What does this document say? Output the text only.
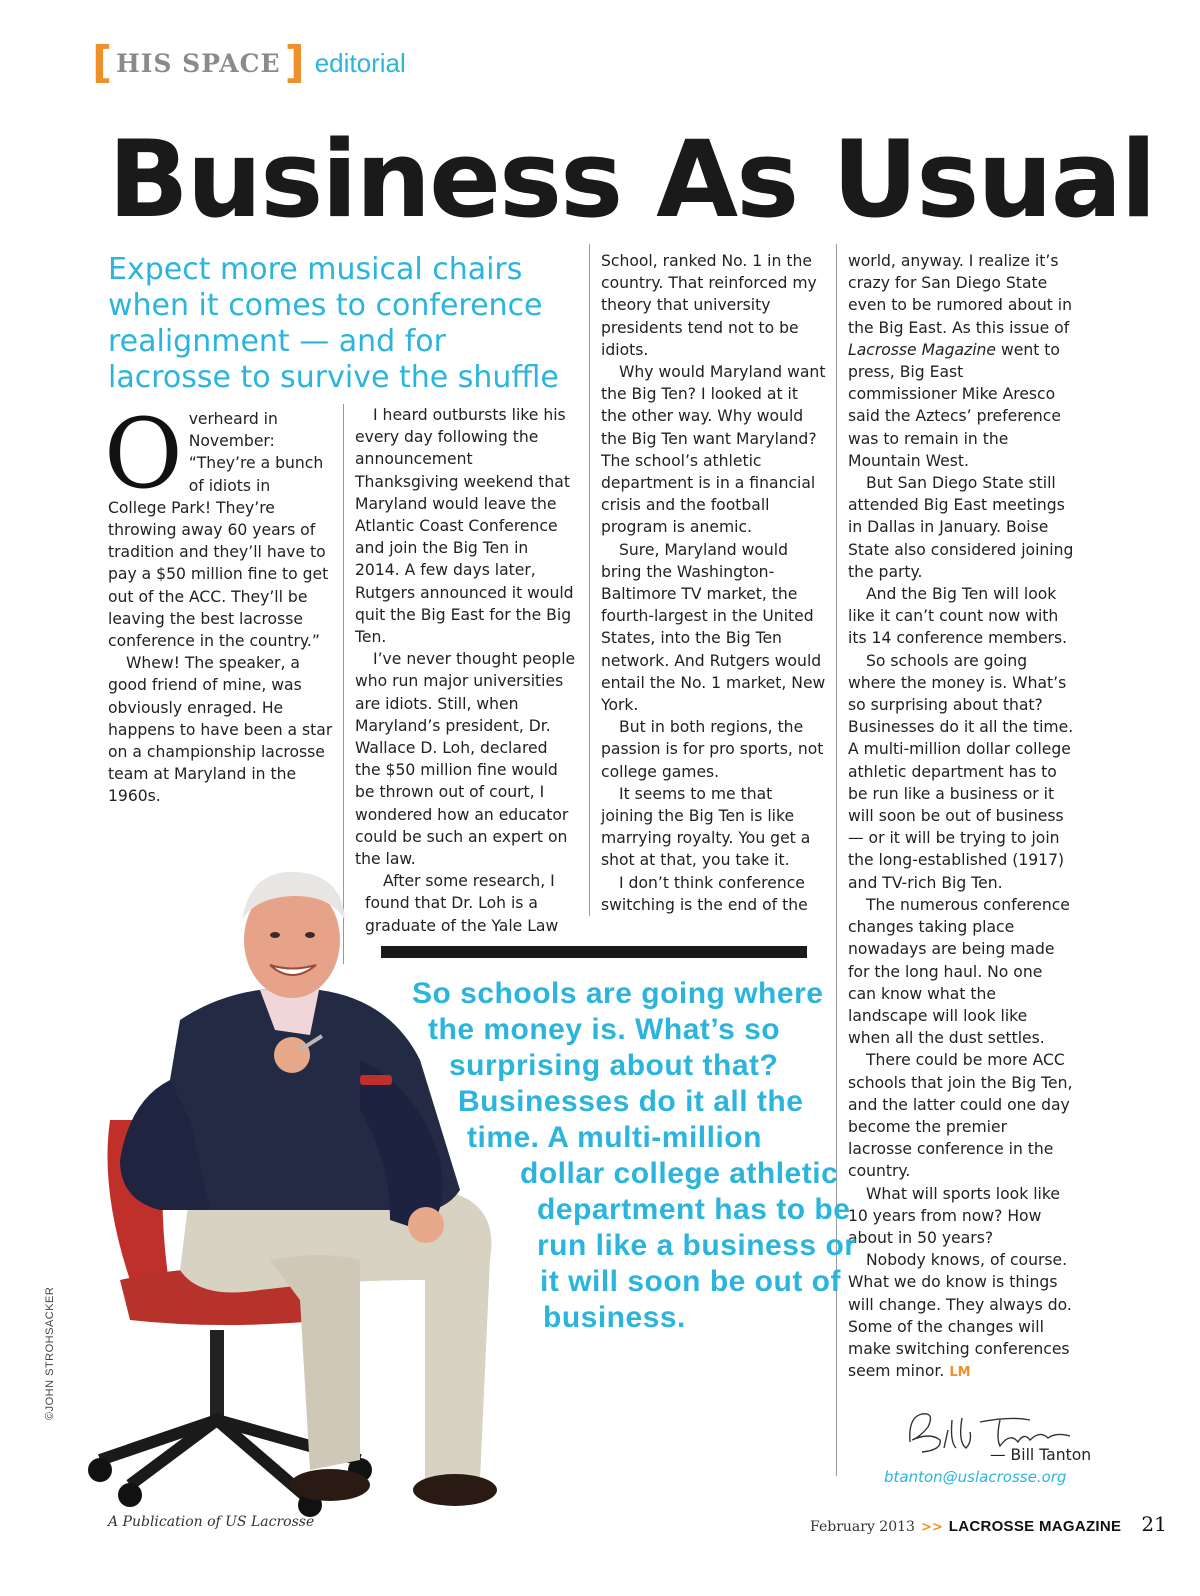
[ HIS SPACE ] editorial
Business As Usual
Expect more musical chairs when it comes to conference realignment — and for lacrosse to survive the shuffle

Overheard in November: “They’re a bunch of idiots in College Park! They’re throwing away 60 years of tradition and they’ll have to pay a $50 million fine to get out of the ACC. They’ll be leaving the best lacrosse conference in the country.”

Whew! The speaker, a good friend of mine, was obviously enraged. He happens to have been a star on a championship lacrosse team at Maryland in the 1960s.

I heard outbursts like his every day following the announcement Thanksgiving weekend that Maryland would leave the Atlantic Coast Conference and join the Big Ten in 2014. A few days later, Rutgers announced it would quit the Big East for the Big Ten.

I’ve never thought people who run major universities are idiots. Still, when Maryland’s president, Dr. Wallace D. Loh, declared the $50 million fine would be thrown out of court, I wondered how an educator could be such an expert on the law.

After some research, I found that Dr. Loh is a graduate of the Yale Law

School, ranked No. 1 in the country. That reinforced my theory that university presidents tend not to be idiots.

Why would Maryland want the Big Ten? I looked at it the other way. Why would the Big Ten want Maryland? The school’s athletic department is in a financial crisis and the football program is anemic.

Sure, Maryland would bring the Washington-Baltimore TV market, the fourth-largest in the United States, into the Big Ten network. And Rutgers would entail the No. 1 market, New York.

But in both regions, the passion is for pro sports, not college games.

It seems to me that joining the Big Ten is like marrying royalty. You get a shot at that, you take it.

I don’t think conference switching is the end of the

world, anyway. I realize it’s crazy for San Diego State even to be rumored about in the Big East. As this issue of Lacrosse Magazine went to press, Big East commissioner Mike Aresco said the Aztecs’ preference was to remain in the Mountain West.

But San Diego State still attended Big East meetings in Dallas in January. Boise State also considered joining the party.

And the Big Ten will look like it can’t count now with its 14 conference members.

So schools are going where the money is. What’s so surprising about that? Businesses do it all the time. A multi-million dollar college athletic department has to be run like a business or it will soon be out of business — or it will be trying to join the long-established (1917) and TV-rich Big Ten.

The numerous conference changes taking place nowadays are being made for the long haul. No one can know what the landscape will look like when all the dust settles.

There could be more ACC schools that join the Big Ten, and the latter could one day become the premier lacrosse conference in the country.

What will sports look like 10 years from now? How about in 50 years?

Nobody knows, of course. What we do know is things will change. They always do. Some of the changes will make switching conferences seem minor. LM

©JOHN STROHSACKER
So schools are going where
the money is. What’s so
surprising about that?
Businesses do it all the
time. A multi-million
dollar college athletic
department has to be
run like a business or
it will soon be out of
business.
— Bill Tanton
btanton@uslacrosse.org
A Publication of US Lacrosse	February 2013 >> LACROSSE MAGAZINE 21
